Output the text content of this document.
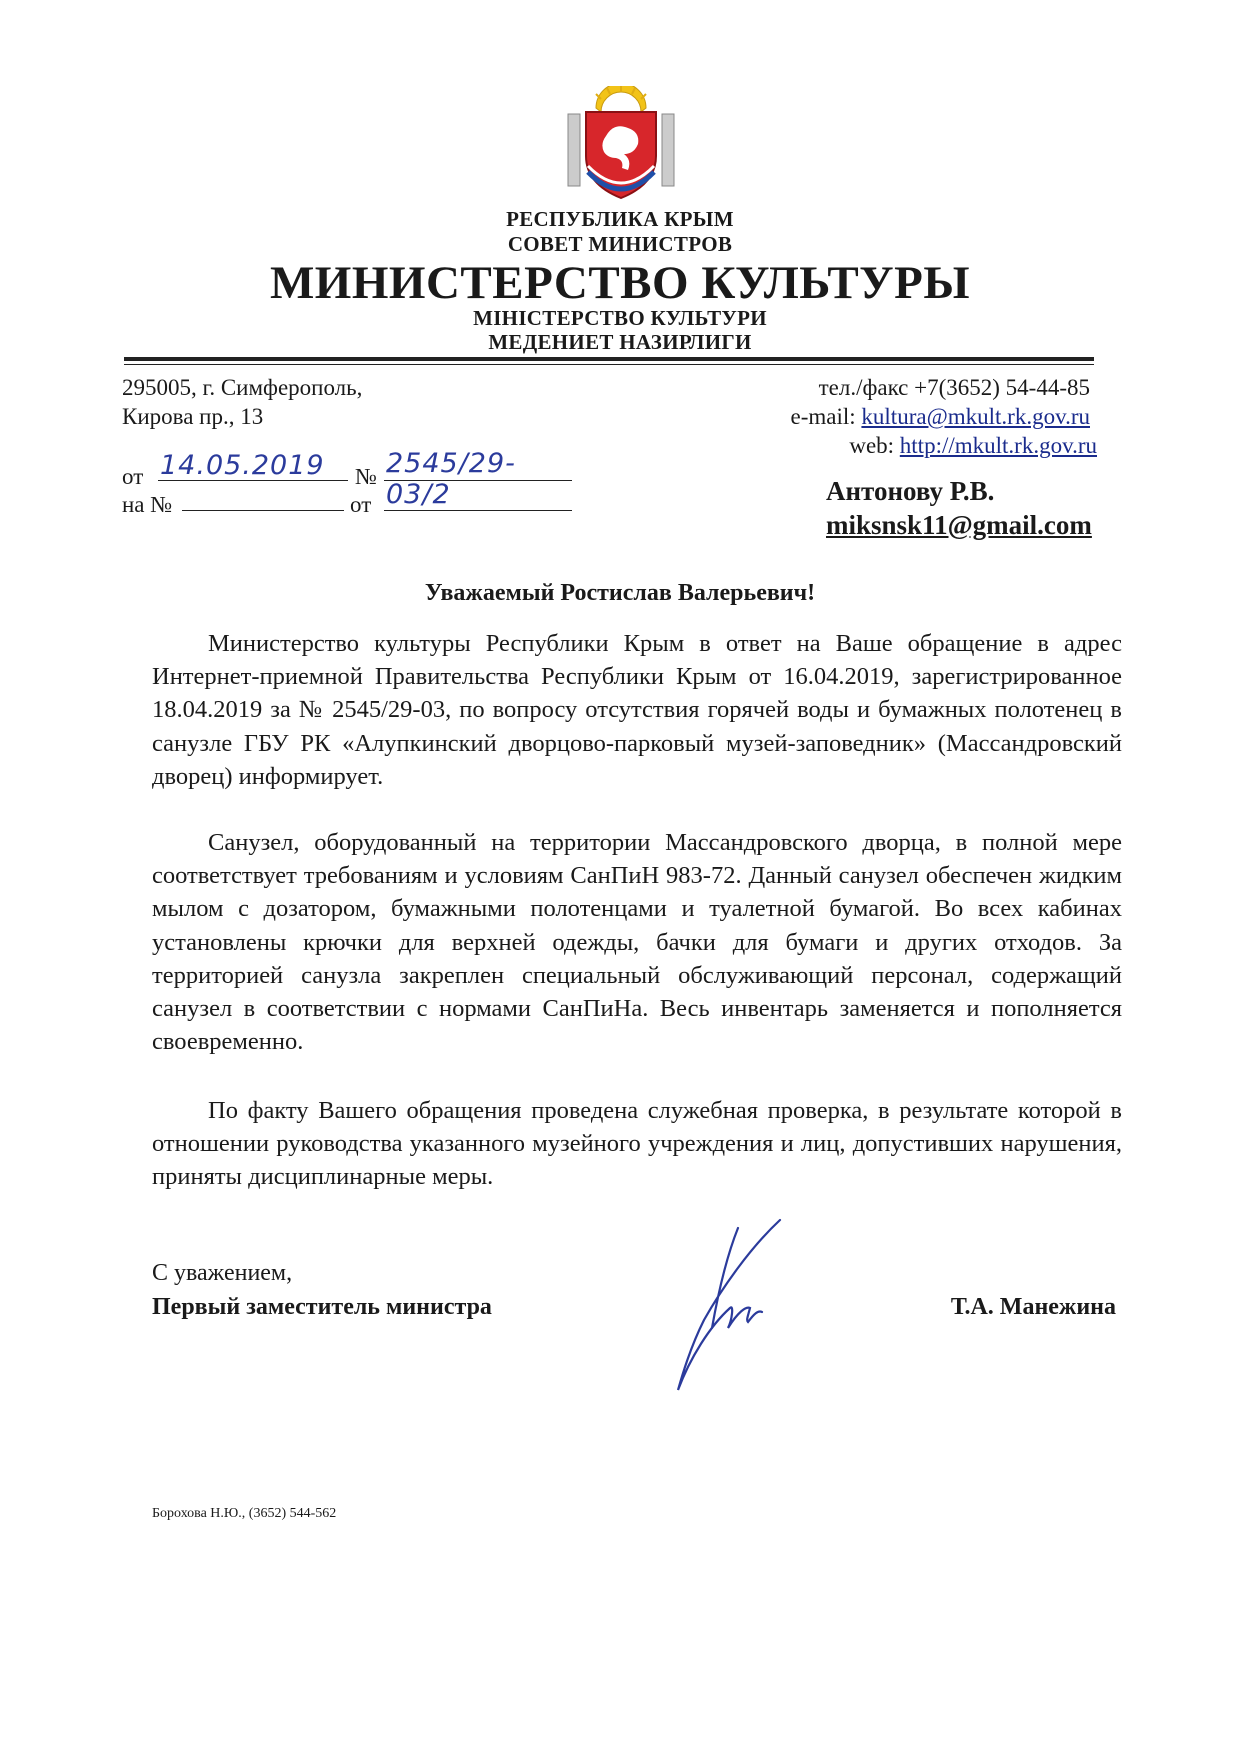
РЕСПУБЛИКА КРЫМ
СОВЕТ МИНИСТРОВ
МИНИСТЕРСТВО КУЛЬТУРЫ
МІНІСТЕРСТВО КУЛЬТУРИ
МЕДЕНИЕТ НАЗИРЛИГИ
295005, г. Симферополь,
Кирова пр., 13
тел./факс +7(3652) 54-44-85
e-mail: kultura@mkult.rk.gov.ru
web: http://mkult.rk.gov.ru
от 14.05.2019 № 2545/29-03/2
на №	от	Антонову Р.В.
miksnsk11@gmail.com
Уважаемый Ростислав Валерьевич!
Министерство культуры Республики Крым в ответ на Ваше обращение в адрес Интернет-приемной Правительства Республики Крым от 16.04.2019, зарегистрированное 18.04.2019 за № 2545/29-03, по вопросу отсутствия горячей воды и бумажных полотенец в санузле ГБУ РК «Алупкинский дворцово-парковый музей-заповедник» (Массандровский дворец) информирует.
Санузел, оборудованный на территории Массандровского дворца, в полной мере соответствует требованиям и условиям СанПиН 983-72. Данный санузел обеспечен жидким мылом с дозатором, бумажными полотенцами и туалетной бумагой. Во всех кабинах установлены крючки для верхней одежды, бачки для бумаги и других отходов. За территорией санузла закреплен специальный обслуживающий персонал, содержащий санузел в соответствии с нормами СанПиНа. Весь инвентарь заменяется и пополняется своевременно.
По факту Вашего обращения проведена служебная проверка, в результате которой в отношении руководства указанного музейного учреждения и лиц, допустивших нарушения, приняты дисциплинарные меры.
С уважением,
Первый заместитель министра	Т.А. Манежина
Борохова Н.Ю., (3652) 544-562
